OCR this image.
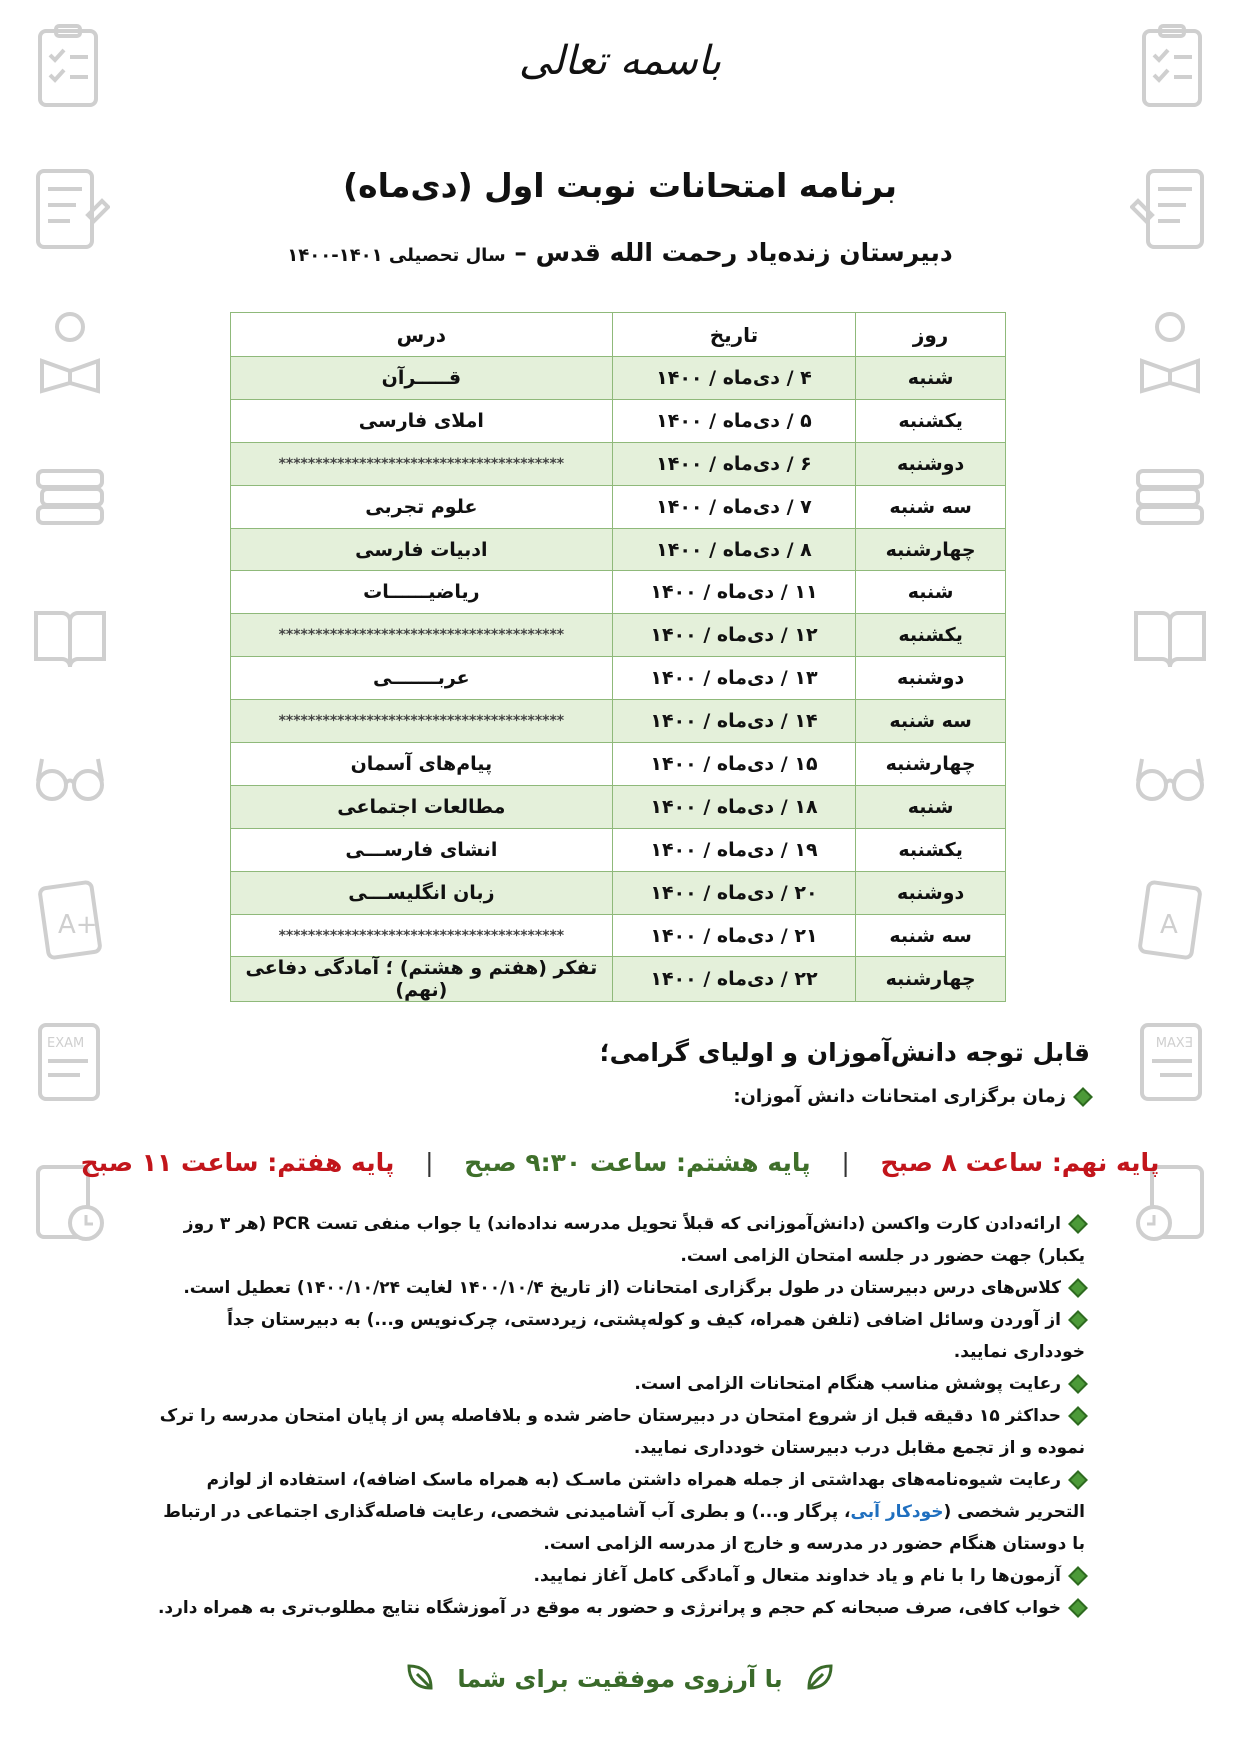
A+
EXAM
A
EXAM
باسمه تعالی
برنامه امتحانات نوبت اول (دی‌ماه)
دبیرستان زنده‌یاد رحمت الله قدس – سال تحصیلی ۱۴۰۱-۱۴۰۰
روز	تاریخ	درس
شنبه	۴ / دی‌ماه / ۱۴۰۰	قـــــرآن
یکشنبه	۵ / دی‌ماه / ۱۴۰۰	املای فارسی
دوشنبه	۶ / دی‌ماه / ۱۴۰۰	***************************************
سه شنبه	۷ / دی‌ماه / ۱۴۰۰	علوم تجربی
چهارشنبه	۸ / دی‌ماه / ۱۴۰۰	ادبیات فارسی
شنبه	۱۱ / دی‌ماه / ۱۴۰۰	ریاضیــــــات
یکشنبه	۱۲ / دی‌ماه / ۱۴۰۰	***************************************
دوشنبه	۱۳ / دی‌ماه / ۱۴۰۰	عربـــــــی
سه شنبه	۱۴ / دی‌ماه / ۱۴۰۰	***************************************
چهارشنبه	۱۵ / دی‌ماه / ۱۴۰۰	پیام‌های آسمان
شنبه	۱۸ / دی‌ماه / ۱۴۰۰	مطالعات اجتماعی
یکشنبه	۱۹ / دی‌ماه / ۱۴۰۰	انشای فارســـی
دوشنبه	۲۰ / دی‌ماه / ۱۴۰۰	زبان انگلیســـی
سه شنبه	۲۱ / دی‌ماه / ۱۴۰۰	***************************************
چهارشنبه	۲۲ / دی‌ماه / ۱۴۰۰	تفکر (هفتم و هشتم) ؛ آمادگی دفاعی (نهم)
قابل توجه دانش‌آموزان و اولیای گرامی؛
زمان برگزاری امتحانات دانش آموزان:
پایه نهم: ساعت ۸ صبح | پایه هشتم: ساعت ۹:۳۰ صبح | پایه هفتم: ساعت ۱۱ صبح

ارائه‌دادن کارت واکسن (دانش‌آموزانی که قبلاً تحویل مدرسه نداده‌اند) یا جواب منفی تست PCR (هر ۳ روز یکبار) جهت حضور در جلسه امتحان الزامی است.

کلاس‌های درس دبیرستان در طول برگزاری امتحانات (از تاریخ ۱۴۰۰/۱۰/۴ لغایت ۱۴۰۰/۱۰/۲۴) تعطیل است.

از آوردن وسائل اضافی (تلفن همراه، کیف و کوله‌پشتی، زیردستی، چرک‌نویس و...) به دبیرستان جداً خودداری نمایید.

رعایت پوشش مناسب هنگام امتحانات الزامی است.

حداکثر ۱۵ دقیقه قبل از شروع امتحان در دبیرستان حاضر شده و بلافاصله پس از پایان امتحان مدرسه را ترک نموده و از تجمع مقابل درب دبیرستان خودداری نمایید.

رعایت شیوه‌نامه‌های بهداشتی از جمله همراه داشتن ماسـک (به همراه ماسک اضافه)، استفاده از لوازم التحریر شخصی (خودکار آبی، پرگار و...) و بطری آب آشامیدنی شخصی، رعایت فاصله‌گذاری اجتماعی در ارتباط با دوستان هنگام حضور در مدرسه و خارج از مدرسه الزامی است.

آزمون‌ها را با نام و یاد خداوند متعال و آمادگی کامل آغاز نمایید.

خواب کافی، صرف صبحانه کم حجم و پرانرژی و حضور به موقع در آموزشگاه نتایج مطلوب‌تری به همراه دارد.

با آرزوی موفقیت برای شما
